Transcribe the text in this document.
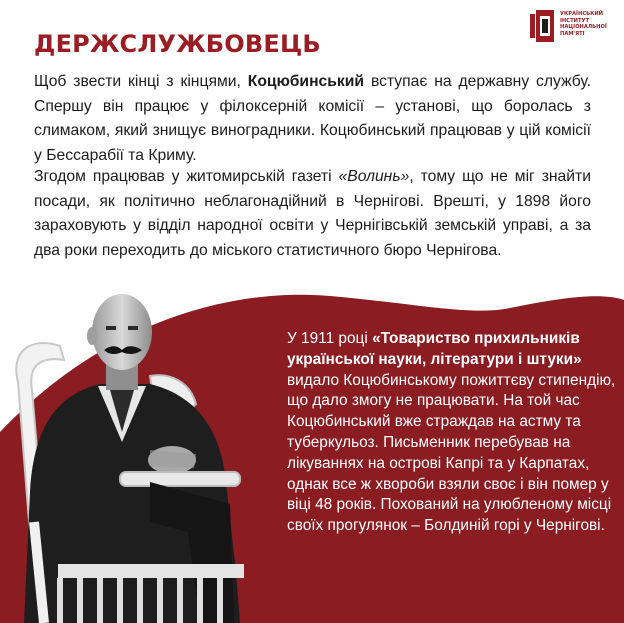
ДЕРЖСЛУЖБОВЕЦЬ
УКРАЇНСЬКИЙ
ІНСТИТУТ
НАЦІОНАЛЬНОЇ
ПАМ'ЯТІ

Щоб звести кінці з кінцями, Коцюбинський вступає на державну службу. Спершу він працює у філоксерній комісії – установі, що боролась з слимаком, який знищує виноградники. Коцюбинський працював у цій комісії у Бессарабії та Криму.

Згодом працював у житомирській газеті «Волинь», тому що не міг знайти посади, як політично неблагонадійний в Чернігові. Врешті, у 1898 його зараховують у відділ народної освіти у Чернігівській земській управі, а за два роки переходить до міського статистичного бюро Чернігова.

У 1911 році «Товариство прихильників української науки, літератури і штуки» видало Коцюбинському пожиттєву стипендію, що дало змогу не працювати. На той час Коцюбинський вже страждав на астму та туберкульоз. Письменник перебував на лікуваннях на острові Капрі та у Карпатах, однак все ж хвороби взяли своє і він помер у віці 48 років. Похований на улюбленому місці своїх прогулянок – Болдиній горі у Чернігові.
